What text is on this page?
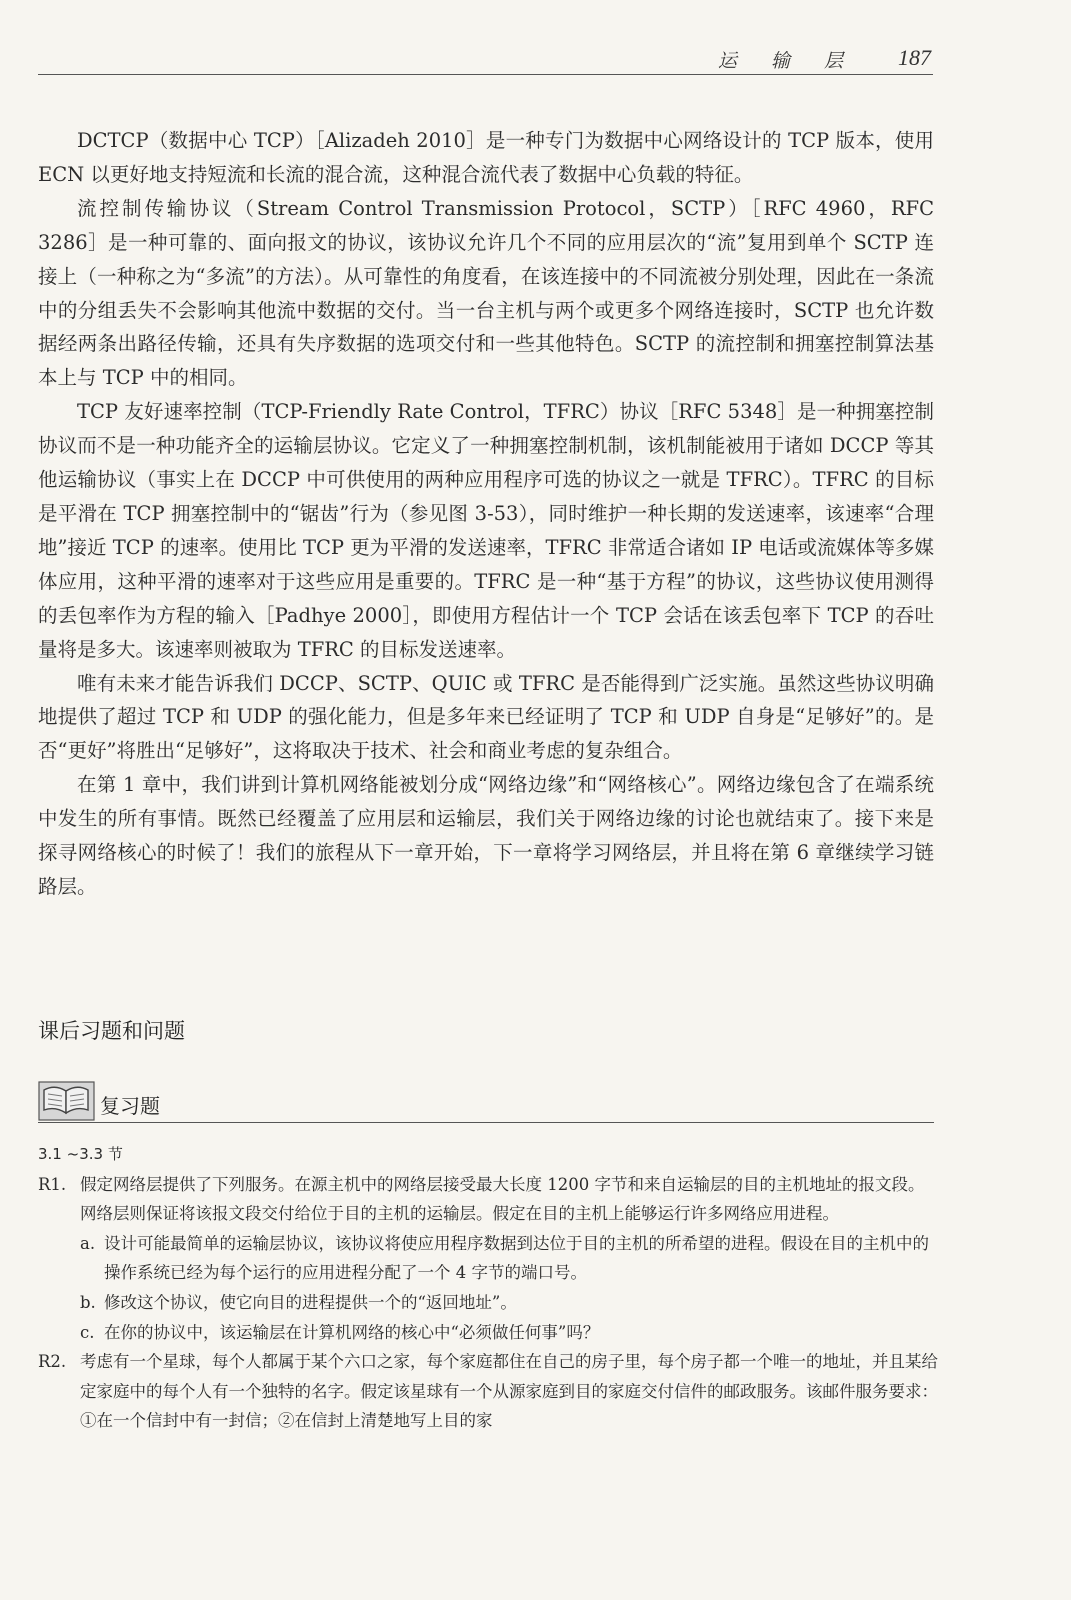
运 输 层 187

DCTCP（数据中心 TCP）［Alizadeh 2010］是一种专门为数据中心网络设计的 TCP 版本，使用 ECN 以更好地支持短流和长流的混合流，这种混合流代表了数据中心负载的特征。

流控制传输协议（Stream Control Transmission Protocol，SCTP）［RFC 4960，RFC 3286］是一种可靠的、面向报文的协议，该协议允许几个不同的应用层次的“流”复用到单个 SCTP 连接上（一种称之为“多流”的方法）。从可靠性的角度看，在该连接中的不同流被分别处理，因此在一条流中的分组丢失不会影响其他流中数据的交付。当一台主机与两个或更多个网络连接时，SCTP 也允许数据经两条出路径传输，还具有失序数据的选项交付和一些其他特色。SCTP 的流控制和拥塞控制算法基本上与 TCP 中的相同。

TCP 友好速率控制（TCP-Friendly Rate Control，TFRC）协议［RFC 5348］是一种拥塞控制协议而不是一种功能齐全的运输层协议。它定义了一种拥塞控制机制，该机制能被用于诸如 DCCP 等其他运输协议（事实上在 DCCP 中可供使用的两种应用程序可选的协议之一就是 TFRC）。TFRC 的目标是平滑在 TCP 拥塞控制中的“锯齿”行为（参见图 3-53），同时维护一种长期的发送速率，该速率“合理地”接近 TCP 的速率。使用比 TCP 更为平滑的发送速率，TFRC 非常适合诸如 IP 电话或流媒体等多媒体应用，这种平滑的速率对于这些应用是重要的。TFRC 是一种“基于方程”的协议，这些协议使用测得的丢包率作为方程的输入［Padhye 2000］，即使用方程估计一个 TCP 会话在该丢包率下 TCP 的吞吐量将是多大。该速率则被取为 TFRC 的目标发送速率。

唯有未来才能告诉我们 DCCP、SCTP、QUIC 或 TFRC 是否能得到广泛实施。虽然这些协议明确地提供了超过 TCP 和 UDP 的强化能力，但是多年来已经证明了 TCP 和 UDP 自身是“足够好”的。是否“更好”将胜出“足够好”，这将取决于技术、社会和商业考虑的复杂组合。

在第 1 章中，我们讲到计算机网络能被划分成“网络边缘”和“网络核心”。网络边缘包含了在端系统中发生的所有事情。既然已经覆盖了应用层和运输层，我们关于网络边缘的讨论也就结束了。接下来是探寻网络核心的时候了！我们的旅程从下一章开始，下一章将学习网络层，并且将在第 6 章继续学习链路层。

课后习题和问题
复习题

3.1 ~3.3 节

R1. 假定网络层提供了下列服务。在源主机中的网络层接受最大长度 1200 字节和来自运输层的目的主机地址的报文段。网络层则保证将该报文段交付给位于目的主机的运输层。假定在目的主机上能够运行许多网络应用进程。
a. 设计可能最简单的运输层协议，该协议将使应用程序数据到达位于目的主机的所希望的进程。假设在目的主机中的操作系统已经为每个运行的应用进程分配了一个 4 字节的端口号。
b. 修改这个协议，使它向目的进程提供一个的“返回地址”。
c. 在你的协议中，该运输层在计算机网络的核心中“必须做任何事”吗？
R2. 考虑有一个星球，每个人都属于某个六口之家，每个家庭都住在自己的房子里，每个房子都一个唯一的地址，并且某给定家庭中的每个人有一个独特的名字。假定该星球有一个从源家庭到目的家庭交付信件的邮政服务。该邮件服务要求：①在一个信封中有一封信；②在信封上清楚地写上目的家
